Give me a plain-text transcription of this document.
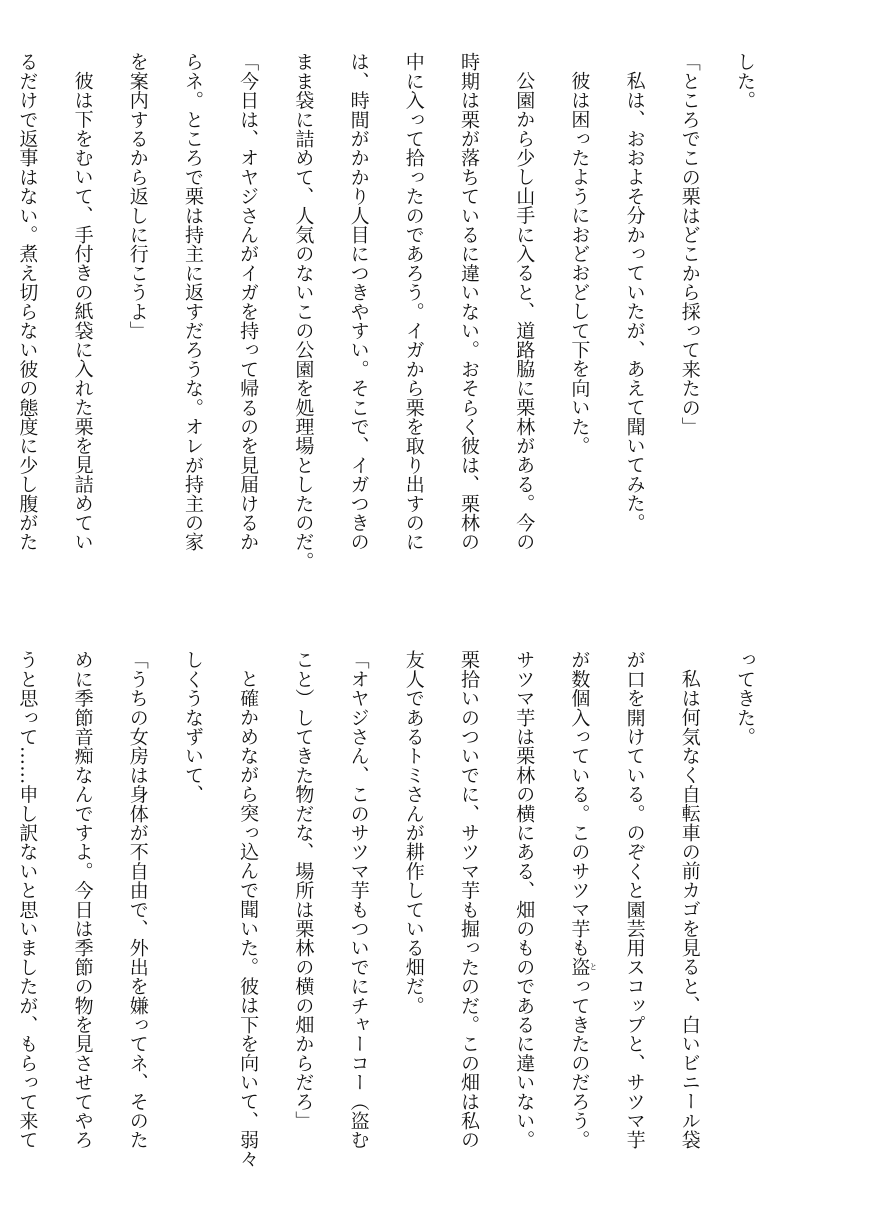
した。
「ところでこの栗はどこから採って来たの」
私は、おおよそ分かっていたが、あえて聞いてみた。
彼は困ったようにおどおどして下を向いた。
公園から少し山手に入ると、道路脇に栗林がある。今の
時期は栗が落ちているに違いない。おそらく彼は、栗林の
中に入って拾ったのであろう。イガから栗を取り出すのに
は、時間がかかり人目につきやすい。そこで、イガつきの
まま袋に詰めて、人気のないこの公園を処理場としたのだ。
「今日は、オヤジさんがイガを持って帰るのを見届けるか
らネ。ところで栗は持主に返すだろうな。オレが持主の家
を案内するから返しに行こうよ」
彼は下をむいて、手付きの紙袋に入れた栗を見詰めてい
るだけで返事はない。煮え切らない彼の態度に少し腹がた
ってきた。
私は何気なく自転車の前カゴを見ると、白いビニール袋
が口を開けている。のぞくと園芸用スコップと、サツマ芋
が数個入っている。このサツマ芋も盗とってきたのだろう。
サツマ芋は栗林の横にある、畑のものであるに違いない。
栗拾いのついでに、サツマ芋も掘ったのだ。この畑は私の
友人であるトミさんが耕作している畑だ。
「オヤジさん、このサツマ芋もついでにチャーコー（盗む
こと）してきた物だな、場所は栗林の横の畑からだろ」
と確かめながら突っ込んで聞いた。彼は下を向いて、弱々
しくうなずいて、
「うちの女房は身体が不自由で、外出を嫌ってネ、そのた
めに季節音痴なんですよ。今日は季節の物を見させてやろ
うと思って……申し訳ないと思いましたが、もらって来て
